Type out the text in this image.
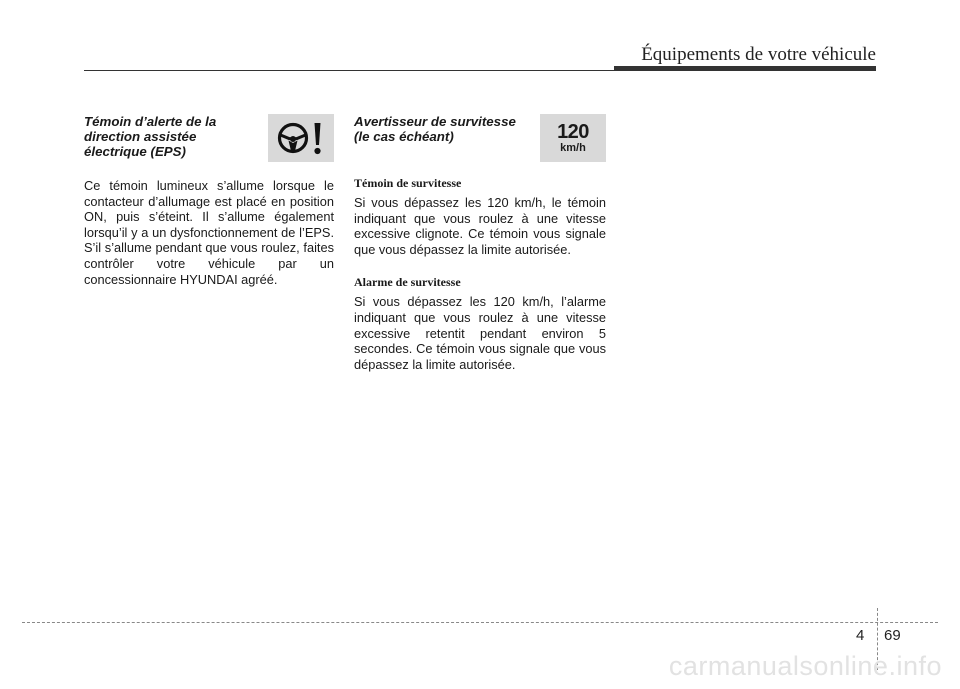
Équipements de votre véhicule

Témoin d’alerte de la
direction assistée
électrique (EPS)

Ce témoin lumineux s’allume lorsque le contacteur d’allumage est placé en position ON, puis s’éteint. Il s’allume également lorsqu’il y a un dysfonctionnement de l’EPS. S’il s’allume pendant que vous roulez, faites contrôler votre véhicule par un concessionnaire HYUNDAI agréé.

Avertisseur de survitesse
(le cas échéant)	120
km/h

Témoin de survitesse

Si vous dépassez les 120 km/h, le témoin indiquant que vous roulez à une vitesse excessive clignote. Ce témoin vous signale que vous dépassez la limite autorisée.

Alarme de survitesse

Si vous dépassez les 120 km/h, l’alarme indiquant que vous roulez à une vitesse excessive retentit pendant environ 5 secondes. Ce témoin vous signale que vous dépassez la limite autorisée.

4 69
carmanualsonline.info
